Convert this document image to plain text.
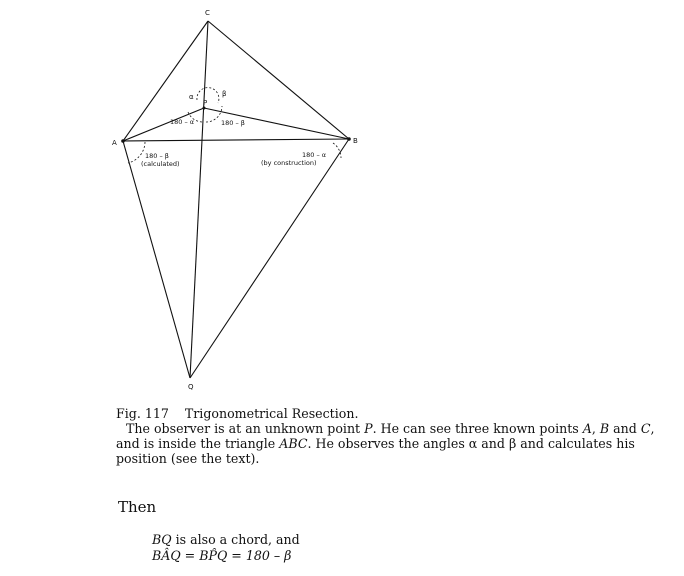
C
A	B
P
Q
α	β
180 – α	180 – β
180 – β
(calculated)
180 – α
(by construction)

Fig. 117 Trigonometrical Resection.

The observer is at an unknown point P. He can see three known points A, B and C, and is inside the triangle ABC. He observes the angles α and β and calculates his position (see the text).

Then
BQ is also a chord, and
BÂQ = BP̂Q = 180 – β
